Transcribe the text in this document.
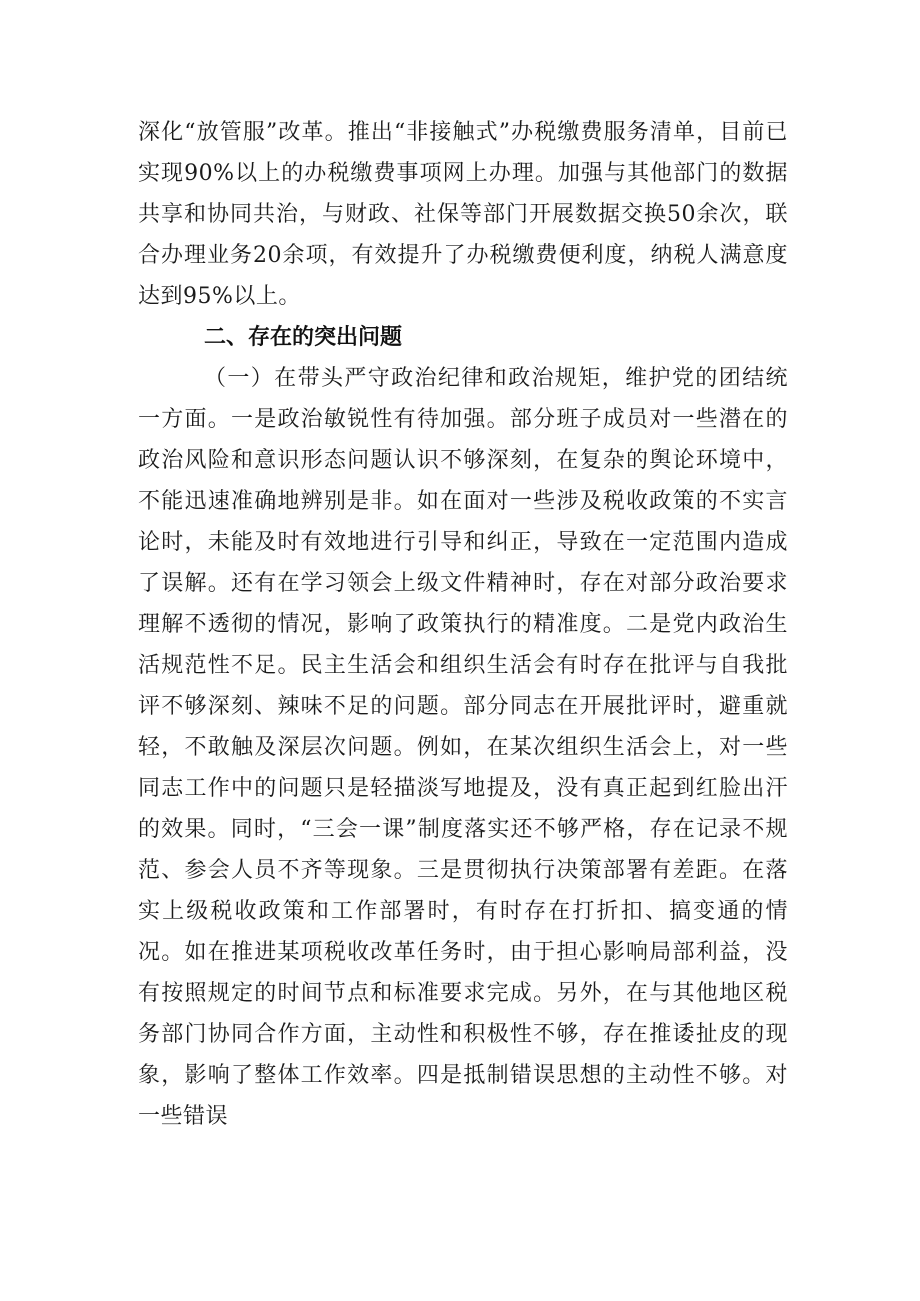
深化“放管服”改革。推出“非接触式”办税缴费服务清单，目前已实现90%以上的办税缴费事项网上办理。加强与其他部门的数据共享和协同共治，与财政、社保等部门开展数据交换50余次，联合办理业务20余项，有效提升了办税缴费便利度，纳税人满意度达到95%以上。

二、存在的突出问题

（一）在带头严守政治纪律和政治规矩，维护党的团结统一方面。一是政治敏锐性有待加强。部分班子成员对一些潜在的政治风险和意识形态问题认识不够深刻，在复杂的舆论环境中，不能迅速准确地辨别是非。如在面对一些涉及税收政策的不实言论时，未能及时有效地进行引导和纠正，导致在一定范围内造成了误解。还有在学习领会上级文件精神时，存在对部分政治要求理解不透彻的情况，影响了政策执行的精准度。二是党内政治生活规范性不足。民主生活会和组织生活会有时存在批评与自我批评不够深刻、辣味不足的问题。部分同志在开展批评时，避重就轻，不敢触及深层次问题。例如，在某次组织生活会上，对一些同志工作中的问题只是轻描淡写地提及，没有真正起到红脸出汗的效果。同时，“三会一课”制度落实还不够严格，存在记录不规范、参会人员不齐等现象。三是贯彻执行决策部署有差距。在落实上级税收政策和工作部署时，有时存在打折扣、搞变通的情况。如在推进某项税收改革任务时，由于担心影响局部利益，没有按照规定的时间节点和标准要求完成。另外，在与其他地区税务部门协同合作方面，主动性和积极性不够，存在推诿扯皮的现象，影响了整体工作效率。四是抵制错误思想的主动性不够。对一些错误
